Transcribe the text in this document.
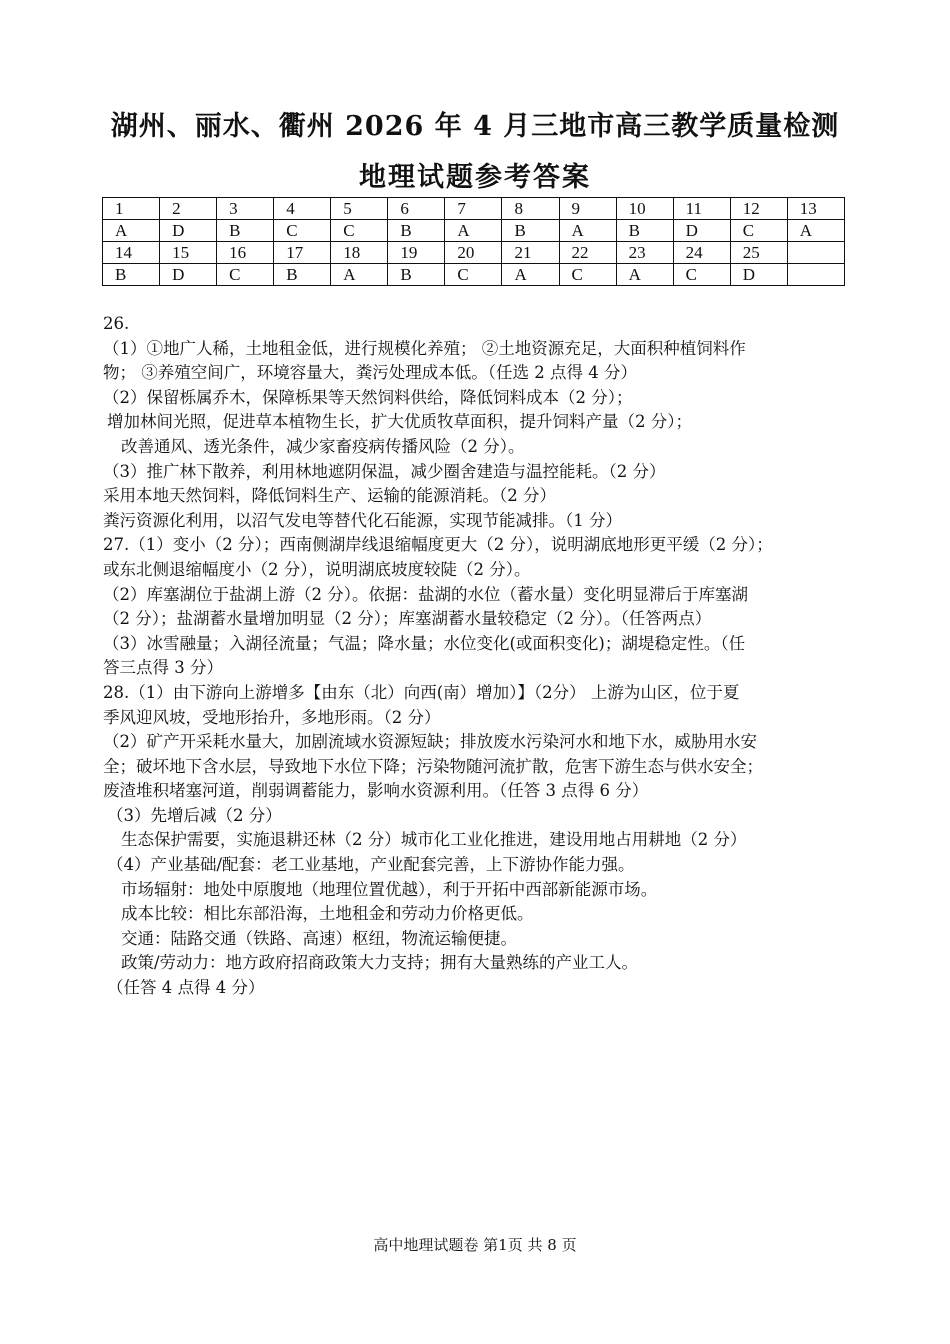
湖州、丽水、衢州 2026 年 4 月三地市高三教学质量检测
地理试题参考答案
1	2	3	4	5	6	7	8	9	10	11	12	13
A	D	B	C	C	B	A	B	A	B	D	C	A
14	15	16	17	18	19	20	21	22	23	24	25	
B	D	C	B	A	B	C	A	C	A	C	D	
26.
（1）①地广人稀，土地租金低，进行规模化养殖； ②土地资源充足，大面积种植饲料作
物； ③养殖空间广，环境容量大，粪污处理成本低。（任选 2 点得 4 分）
（2）保留栎属乔木，保障栎果等天然饲料供给，降低饲料成本（2 分）；
增加林间光照，促进草本植物生长，扩大优质牧草面积，提升饲料产量（2 分）；
改善通风、透光条件，减少家畜疫病传播风险（2 分）。
（3）推广林下散养，利用林地遮阴保温，减少圈舍建造与温控能耗。（2 分）
采用本地天然饲料，降低饲料生产、运输的能源消耗。（2 分）
粪污资源化利用，以沼气发电等替代化石能源，实现节能减排。（1 分）
27.（1）变小（2 分）；西南侧湖岸线退缩幅度更大（2 分），说明湖底地形更平缓（2 分）；
或东北侧退缩幅度小（2 分），说明湖底坡度较陡（2 分）。
（2）库塞湖位于盐湖上游（2 分）。依据：盐湖的水位（蓄水量）变化明显滞后于库塞湖
（2 分）；盐湖蓄水量增加明显（2 分）；库塞湖蓄水量较稳定（2 分）。（任答两点）
（3）冰雪融量；入湖径流量；气温；降水量；水位变化(或面积变化)；湖堤稳定性。（任
答三点得 3 分）
28.（1）由下游向上游增多【由东（北）向西(南）增加）】（2分） 上游为山区，位于夏
季风迎风坡，受地形抬升，多地形雨。（2 分）
（2）矿产开采耗水量大，加剧流域水资源短缺；排放废水污染河水和地下水，威胁用水安
全；破坏地下含水层，导致地下水位下降；污染物随河流扩散，危害下游生态与供水安全；
废渣堆积堵塞河道，削弱调蓄能力，影响水资源利用。（任答 3 点得 6 分）
（3）先增后减（2 分）
生态保护需要，实施退耕还林（2 分）城市化工业化推进，建设用地占用耕地（2 分）
（4）产业基础/配套：老工业基地，产业配套完善，上下游协作能力强。
市场辐射：地处中原腹地（地理位置优越），利于开拓中西部新能源市场。
成本比较：相比东部沿海，土地租金和劳动力价格更低。
交通：陆路交通（铁路、高速）枢纽，物流运输便捷。
政策/劳动力：地方政府招商政策大力支持；拥有大量熟练的产业工人。
（任答 4 点得 4 分）
高中地理试题卷 第1页 共 8 页
